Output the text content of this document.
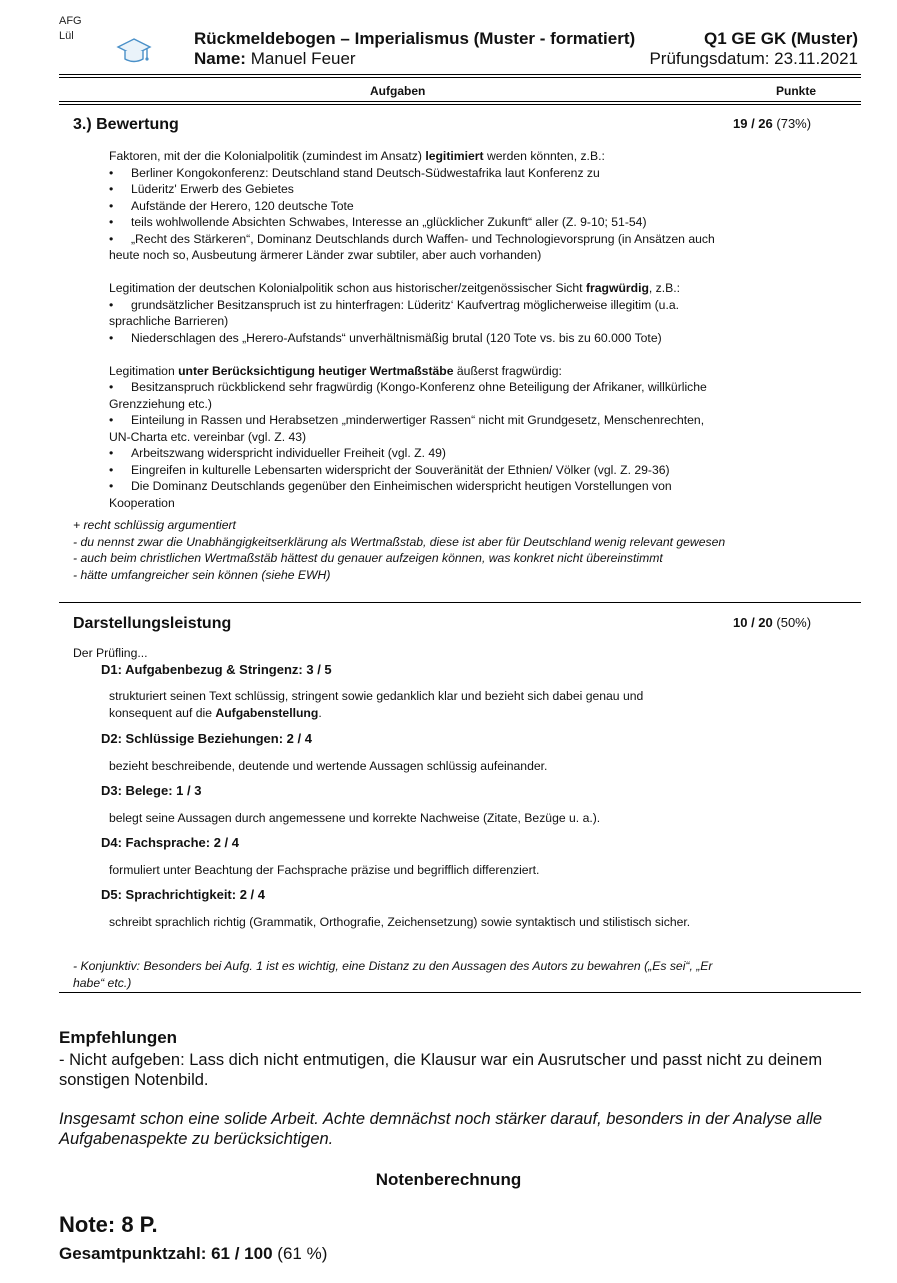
AFG
Lül	Rückmeldebogen – Imperialismus (Muster - formatiert)	Q1 GE GK (Muster)
Name: Manuel Feuer	Prüfungsdatum: 23.11.2021
Aufgaben	Punkte
3.) Bewertung	19 / 26 (73%)

Faktoren, mit der die Kolonialpolitik (zumindest im Ansatz) legitimiert werden könnten, z.B.:

• Berliner Kongokonferenz: Deutschland stand Deutsch-Südwestafrika laut Konferenz zu

• Lüderitz' Erwerb des Gebietes

• Aufstände der Herero, 120 deutsche Tote

• teils wohlwollende Absichten Schwabes, Interesse an „glücklicher Zukunft“ aller (Z. 9-10; 51-54)

• „Recht des Stärkeren“, Dominanz Deutschlands durch Waffen- und Technologievorsprung (in Ansätzen auch heute noch so, Ausbeutung ärmerer Länder zwar subtiler, aber auch vorhanden)

Legitimation der deutschen Kolonialpolitik schon aus historischer/zeitgenössischer Sicht fragwürdig, z.B.:

• grundsätzlicher Besitzanspruch ist zu hinterfragen: Lüderitz‘ Kaufvertrag möglicherweise illegitim (u.a. sprachliche Barrieren)

• Niederschlagen des „Herero-Aufstands“ unverhältnismäßig brutal (120 Tote vs. bis zu 60.000 Tote)

Legitimation unter Berücksichtigung heutiger Wertmaßstäbe äußerst fragwürdig:

• Besitzanspruch rückblickend sehr fragwürdig (Kongo-Konferenz ohne Beteiligung der Afrikaner, willkürliche Grenzziehung etc.)

• Einteilung in Rassen und Herabsetzen „minderwertiger Rassen“ nicht mit Grundgesetz, Menschenrechten, UN-Charta etc. vereinbar (vgl. Z. 43)

• Arbeitszwang widerspricht individueller Freiheit (vgl. Z. 49)

• Eingreifen in kulturelle Lebensarten widerspricht der Souveränität der Ethnien/ Völker (vgl. Z. 29-36)

• Die Dominanz Deutschlands gegenüber den Einheimischen widerspricht heutigen Vorstellungen von Kooperation

+ recht schlüssig argumentiert

- du nennst zwar die Unabhängigkeitserklärung als Wertmaßstab, diese ist aber für Deutschland wenig relevant gewesen

- auch beim christlichen Wertmaßstäb hättest du genauer aufzeigen können, was konkret nicht übereinstimmt

- hätte umfangreicher sein können (siehe EWH)

Darstellungsleistung	10 / 20 (50%)
Der Prüfling...
D1: Aufgabenbezug & Stringenz: 3 / 5
strukturiert seinen Text schlüssig, stringent sowie gedanklich klar und bezieht sich dabei genau und konsequent auf die Aufgabenstellung.
D2: Schlüssige Beziehungen: 2 / 4
bezieht beschreibende, deutende und wertende Aussagen schlüssig aufeinander.
D3: Belege: 1 / 3
belegt seine Aussagen durch angemessene und korrekte Nachweise (Zitate, Bezüge u. a.).
D4: Fachsprache: 2 / 4
formuliert unter Beachtung der Fachsprache präzise und begrifflich differenziert.
D5: Sprachrichtigkeit: 2 / 4
schreibt sprachlich richtig (Grammatik, Orthografie, Zeichensetzung) sowie syntaktisch und stilistisch sicher.
- Konjunktiv: Besonders bei Aufg. 1 ist es wichtig, eine Distanz zu den Aussagen des Autors zu bewahren („Es sei“, „Er habe“ etc.)
Empfehlungen
- Nicht aufgeben: Lass dich nicht entmutigen, die Klausur war ein Ausrutscher und passt nicht zu deinem sonstigen Notenbild.
Insgesamt schon eine solide Arbeit. Achte demnächst noch stärker darauf, besonders in der Analyse alle Aufgabenaspekte zu berücksichtigen.
Notenberechnung
Note: 8 P.
Gesamtpunktzahl: 61 / 100 (61 %)
